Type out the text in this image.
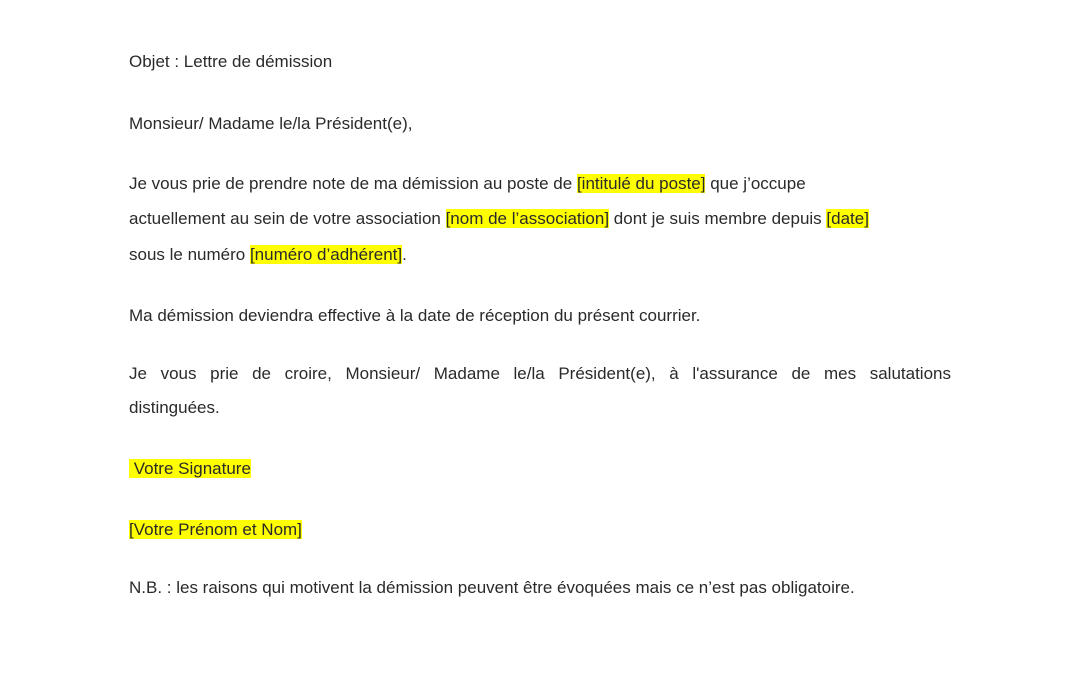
Objet : Lettre de démission
Monsieur/ Madame le/la Président(e),
Je vous prie de prendre note de ma démission au poste de [intitulé du poste] que j’occupe
actuellement au sein de votre association [nom de l’association] dont je suis membre depuis [date]
sous le numéro [numéro d’adhérent].
Ma démission deviendra effective à la date de réception du présent courrier.
Je vous prie de croire, Monsieur/ Madame le/la Président(e), à l'assurance de mes salutations
distinguées.
Votre Signature
[Votre Prénom et Nom]
N.B. : les raisons qui motivent la démission peuvent être évoquées mais ce n’est pas obligatoire.
